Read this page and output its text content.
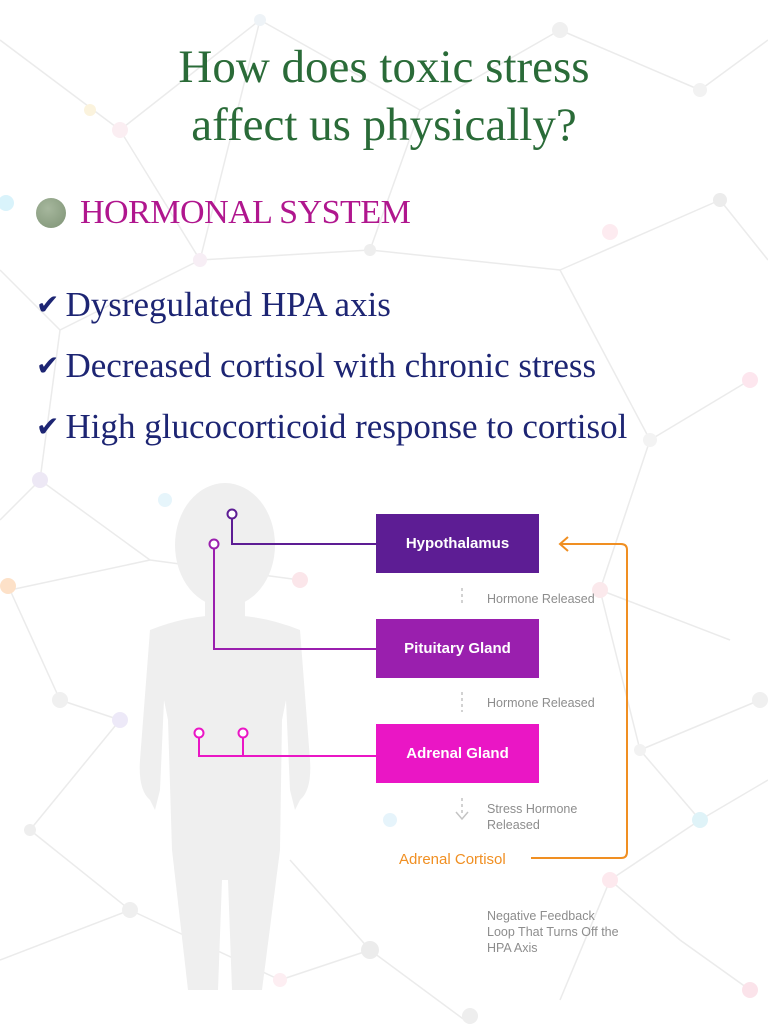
How does toxic stress
affect us physically?
HORMONAL SYSTEM
✔ Dysregulated HPA axis
✔ Decreased cortisol with chronic stress
✔ High glucocorticoid response to cortisol
Hypothalamus
Pituitary Gland
Adrenal Gland
Hormone Released
Hormone Released
Stress Hormone
Released
Adrenal Cortisol
Negative Feedback
Loop That Turns Off the
HPA Axis
